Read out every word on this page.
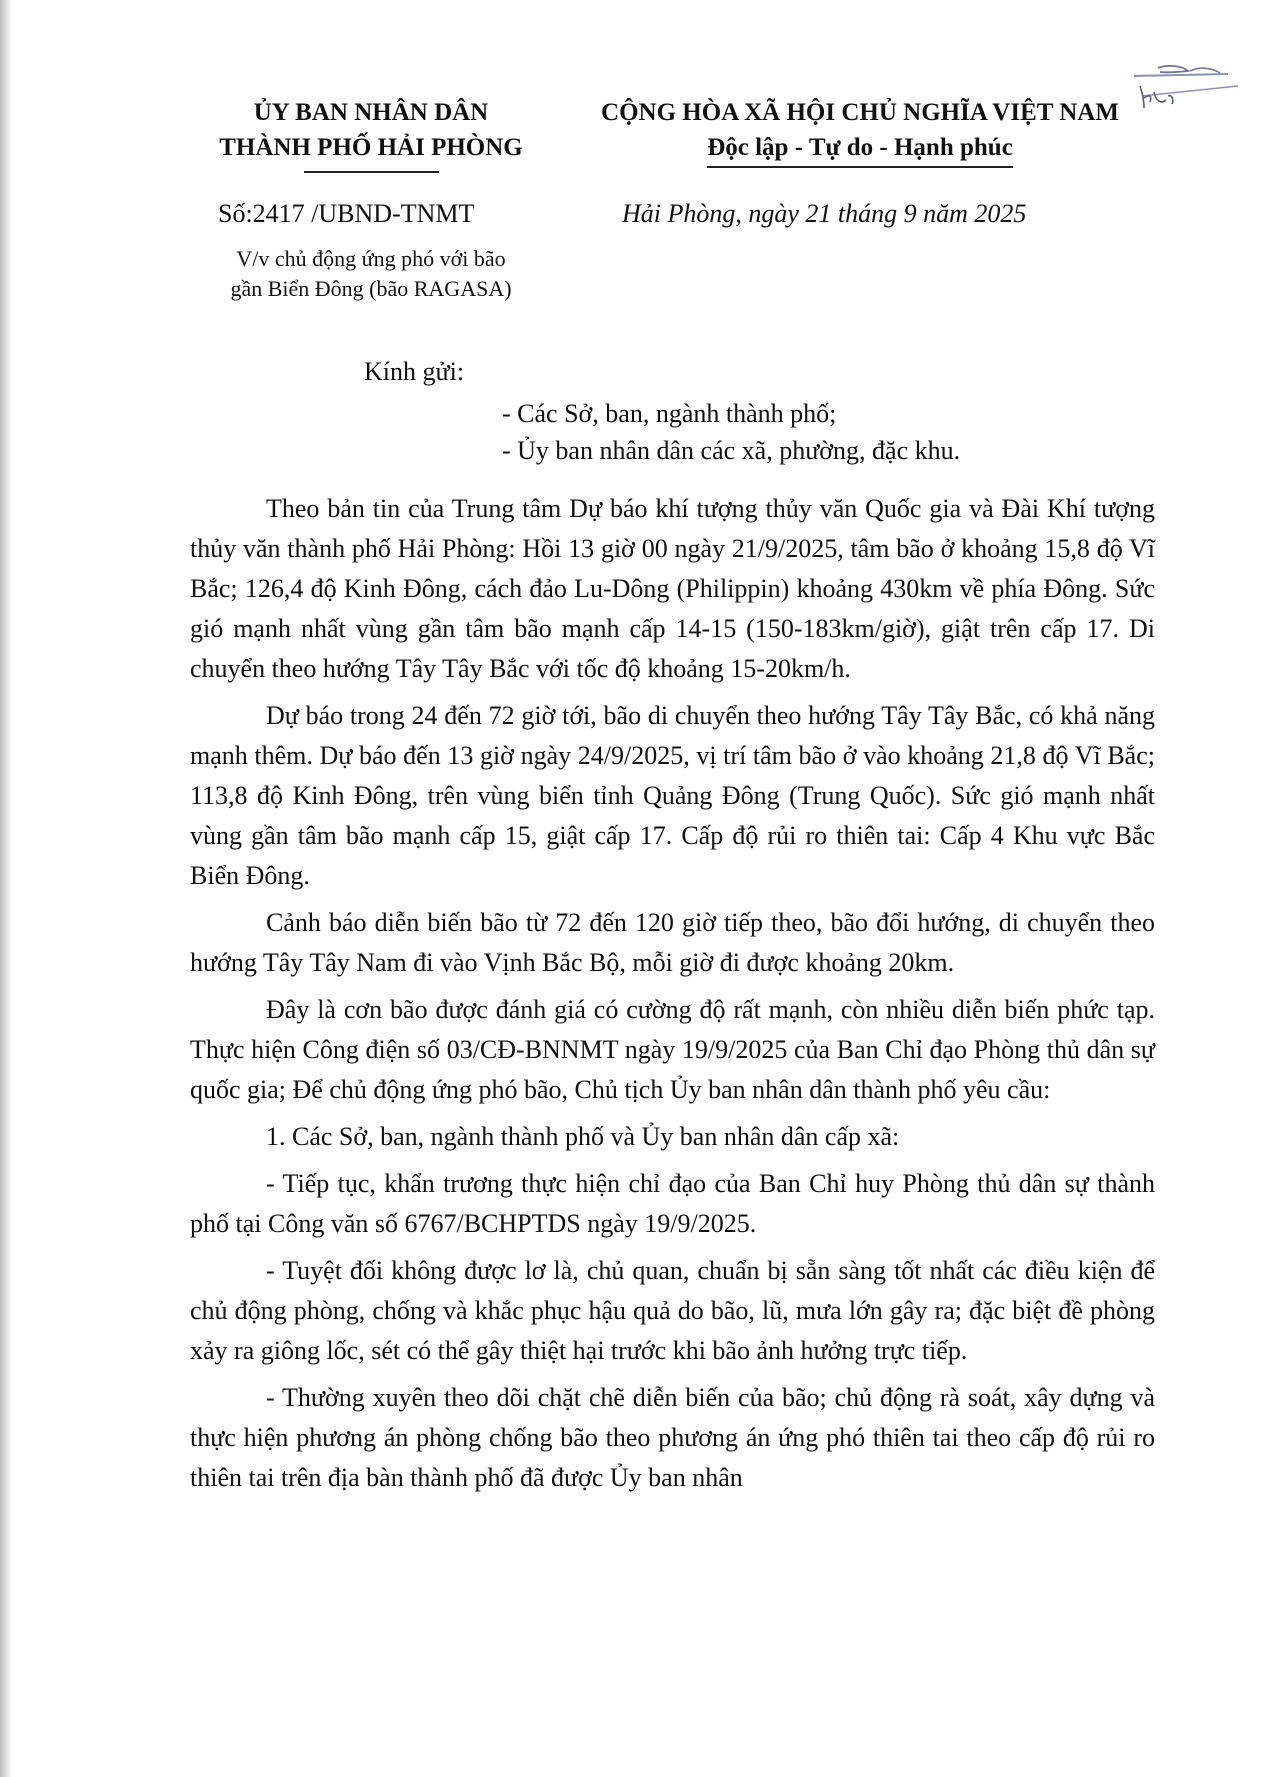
ỦY BAN NHÂN DÂN
THÀNH PHỐ HẢI PHÒNG
CỘNG HÒA XÃ HỘI CHỦ NGHĨA VIỆT NAM
Độc lập - Tự do - Hạnh phúc
Số:2417 /UBND-TNMT	Hải Phòng, ngày 21 tháng 9 năm 2025
V/v chủ động ứng phó với bão
gần Biển Đông (bão RAGASA)
Kính gửi:
- Các Sở, ban, ngành thành phố;
- Ủy ban nhân dân các xã, phường, đặc khu.

Theo bản tin của Trung tâm Dự báo khí tượng thủy văn Quốc gia và Đài Khí tượng thủy văn thành phố Hải Phòng: Hồi 13 giờ 00 ngày 21/9/2025, tâm bão ở khoảng 15,8 độ Vĩ Bắc; 126,4 độ Kinh Đông, cách đảo Lu-Dông (Philippin) khoảng 430km về phía Đông. Sức gió mạnh nhất vùng gần tâm bão mạnh cấp 14-15 (150-183km/giờ), giật trên cấp 17. Di chuyển theo hướng Tây Tây Bắc với tốc độ khoảng 15-20km/h.

Dự báo trong 24 đến 72 giờ tới, bão di chuyển theo hướng Tây Tây Bắc, có khả năng mạnh thêm. Dự báo đến 13 giờ ngày 24/9/2025, vị trí tâm bão ở vào khoảng 21,8 độ Vĩ Bắc; 113,8 độ Kinh Đông, trên vùng biển tỉnh Quảng Đông (Trung Quốc). Sức gió mạnh nhất vùng gần tâm bão mạnh cấp 15, giật cấp 17. Cấp độ rủi ro thiên tai: Cấp 4 Khu vực Bắc Biển Đông.

Cảnh báo diễn biến bão từ 72 đến 120 giờ tiếp theo, bão đổi hướng, di chuyển theo hướng Tây Tây Nam đi vào Vịnh Bắc Bộ, mỗi giờ đi được khoảng 20km.

Đây là cơn bão được đánh giá có cường độ rất mạnh, còn nhiều diễn biến phức tạp. Thực hiện Công điện số 03/CĐ-BNNMT ngày 19/9/2025 của Ban Chỉ đạo Phòng thủ dân sự quốc gia; Để chủ động ứng phó bão, Chủ tịch Ủy ban nhân dân thành phố yêu cầu:

1. Các Sở, ban, ngành thành phố và Ủy ban nhân dân cấp xã:

- Tiếp tục, khẩn trương thực hiện chỉ đạo của Ban Chỉ huy Phòng thủ dân sự thành phố tại Công văn số 6767/BCHPTDS ngày 19/9/2025.

- Tuyệt đối không được lơ là, chủ quan, chuẩn bị sẵn sàng tốt nhất các điều kiện để chủ động phòng, chống và khắc phục hậu quả do bão, lũ, mưa lớn gây ra; đặc biệt đề phòng xảy ra giông lốc, sét có thể gây thiệt hại trước khi bão ảnh hưởng trực tiếp.

- Thường xuyên theo dõi chặt chẽ diễn biến của bão; chủ động rà soát, xây dựng và thực hiện phương án phòng chống bão theo phương án ứng phó thiên tai theo cấp độ rủi ro thiên tai trên địa bàn thành phố đã được Ủy ban nhân
